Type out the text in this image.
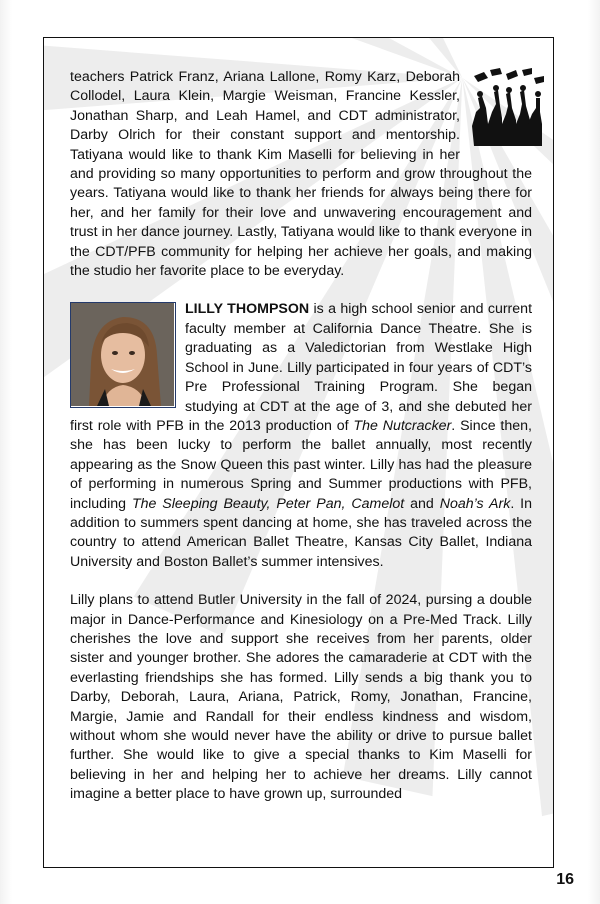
teachers Patrick Franz, Ariana Lallone, Romy Karz, Deborah Collodel, Laura Klein, Margie Weisman, Francine Kessler, Jonathan Sharp, and Leah Hamel, and CDT administrator, Darby Olrich for their constant support and mentorship. Tatiyana would like to thank Kim Maselli for believing in her and providing so many opportunities to perform and grow throughout the years. Tatiyana would like to thank her friends for always being there for her, and her family for their love and unwavering encouragement and trust in her dance journey. Lastly, Tatiyana would like to thank everyone in the CDT/PFB community for helping her achieve her goals, and making the studio her favorite place to be everyday.

LILLY THOMPSON is a high school senior and current faculty member at California Dance Theatre. She is graduating as a Valedictorian from Westlake High School in June. Lilly participated in four years of CDT’s Pre Professional Training Program. She began studying at CDT at the age of 3, and she debuted her first role with PFB in the 2013 production of The Nutcracker. Since then, she has been lucky to perform the ballet annually, most recently appearing as the Snow Queen this past winter. Lilly has had the pleasure of performing in numerous Spring and Summer productions with PFB, including The Sleeping Beauty, Peter Pan, Camelot and Noah’s Ark. In addition to summers spent dancing at home, she has traveled across the country to attend American Ballet Theatre, Kansas City Ballet, Indiana University and Boston Ballet’s summer intensives.

Lilly plans to attend Butler University in the fall of 2024, pursing a double major in Dance-Performance and Kinesiology on a Pre-Med Track. Lilly cherishes the love and support she receives from her parents, older sister and younger brother. She adores the camaraderie at CDT with the everlasting friendships she has formed. Lilly sends a big thank you to Darby, Deborah, Laura, Ariana, Patrick, Romy, Jonathan, Francine, Margie, Jamie and Randall for their endless kindness and wisdom, without whom she would never have the ability or drive to pursue ballet further. She would like to give a special thanks to Kim Maselli for believing in her and helping her to achieve her dreams. Lilly cannot imagine a better place to have grown up, surrounded

16
